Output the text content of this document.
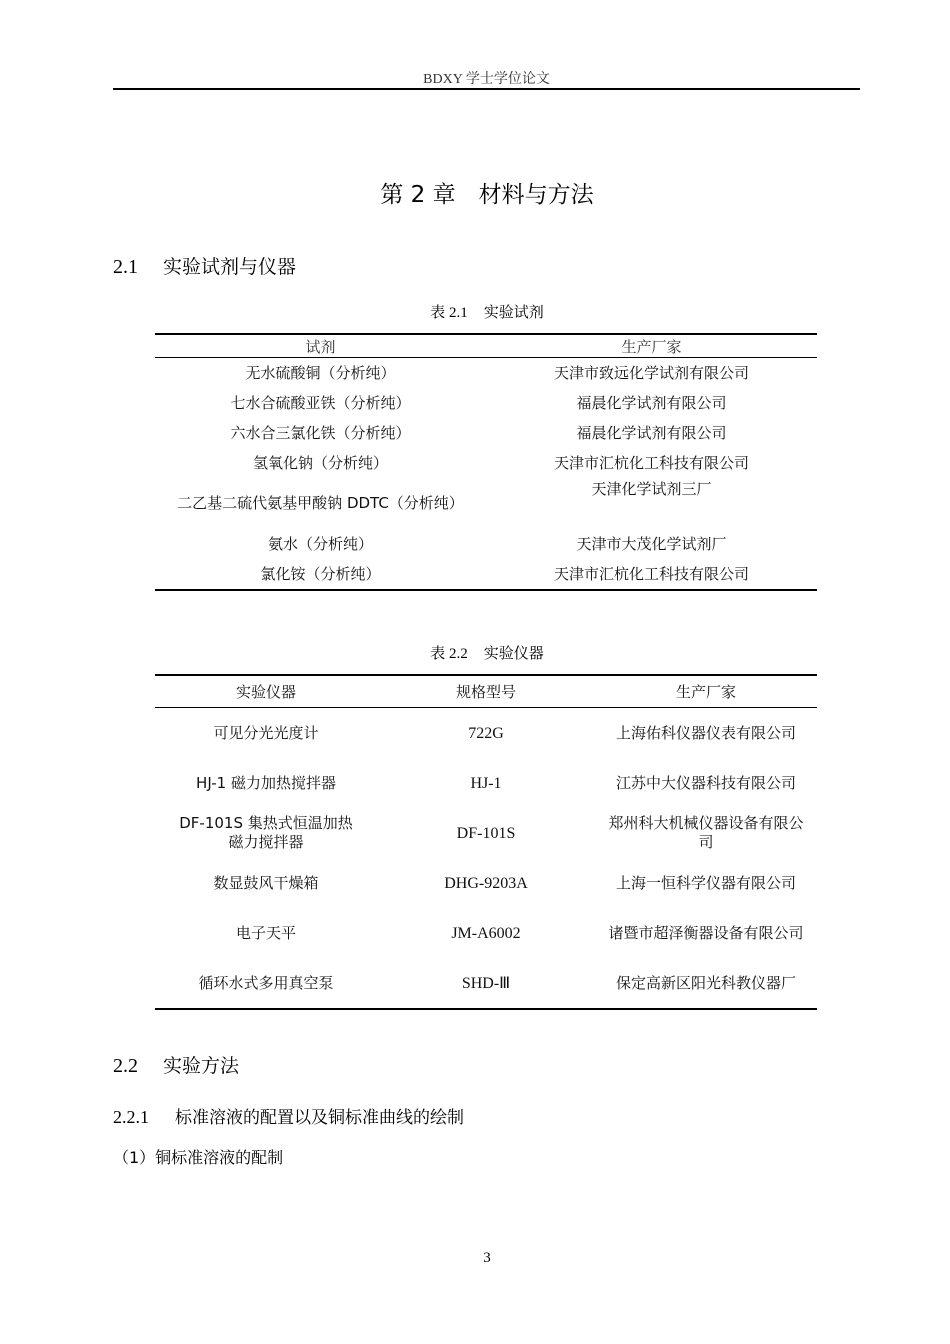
BDXY 学士学位论文
第 2 章　材料与方法
2.1 实验试剂与仪器
表 2.1 实验试剂
试剂	生产厂家
无水硫酸铜（分析纯）	天津市致远化学试剂有限公司
七水合硫酸亚铁（分析纯）	福晨化学试剂有限公司
六水合三氯化铁（分析纯）	福晨化学试剂有限公司
氢氧化钠（分析纯）	天津市汇杭化工科技有限公司
二乙基二硫代氨基甲酸钠 DDTC（分析纯）	天津化学试剂三厂
氨水（分析纯）	天津市大茂化学试剂厂
氯化铵（分析纯）	天津市汇杭化工科技有限公司
表 2.2 实验仪器
实验仪器	规格型号	生产厂家
可见分光光度计	722G	上海佑科仪器仪表有限公司
HJ-1 磁力加热搅拌器	HJ-1	江苏中大仪器科技有限公司
DF-101S 集热式恒温加热磁力搅拌器	DF-101S	郑州科大机械仪器设备有限公司
数显鼓风干燥箱	DHG-9203A	上海一恒科学仪器有限公司
电子天平	JM-A6002	诸暨市超泽衡器设备有限公司
循环水式多用真空泵	SHD-Ⅲ	保定高新区阳光科教仪器厂
2.2 实验方法
2.2.1 标准溶液的配置以及铜标准曲线的绘制
（1）铜标准溶液的配制
3
